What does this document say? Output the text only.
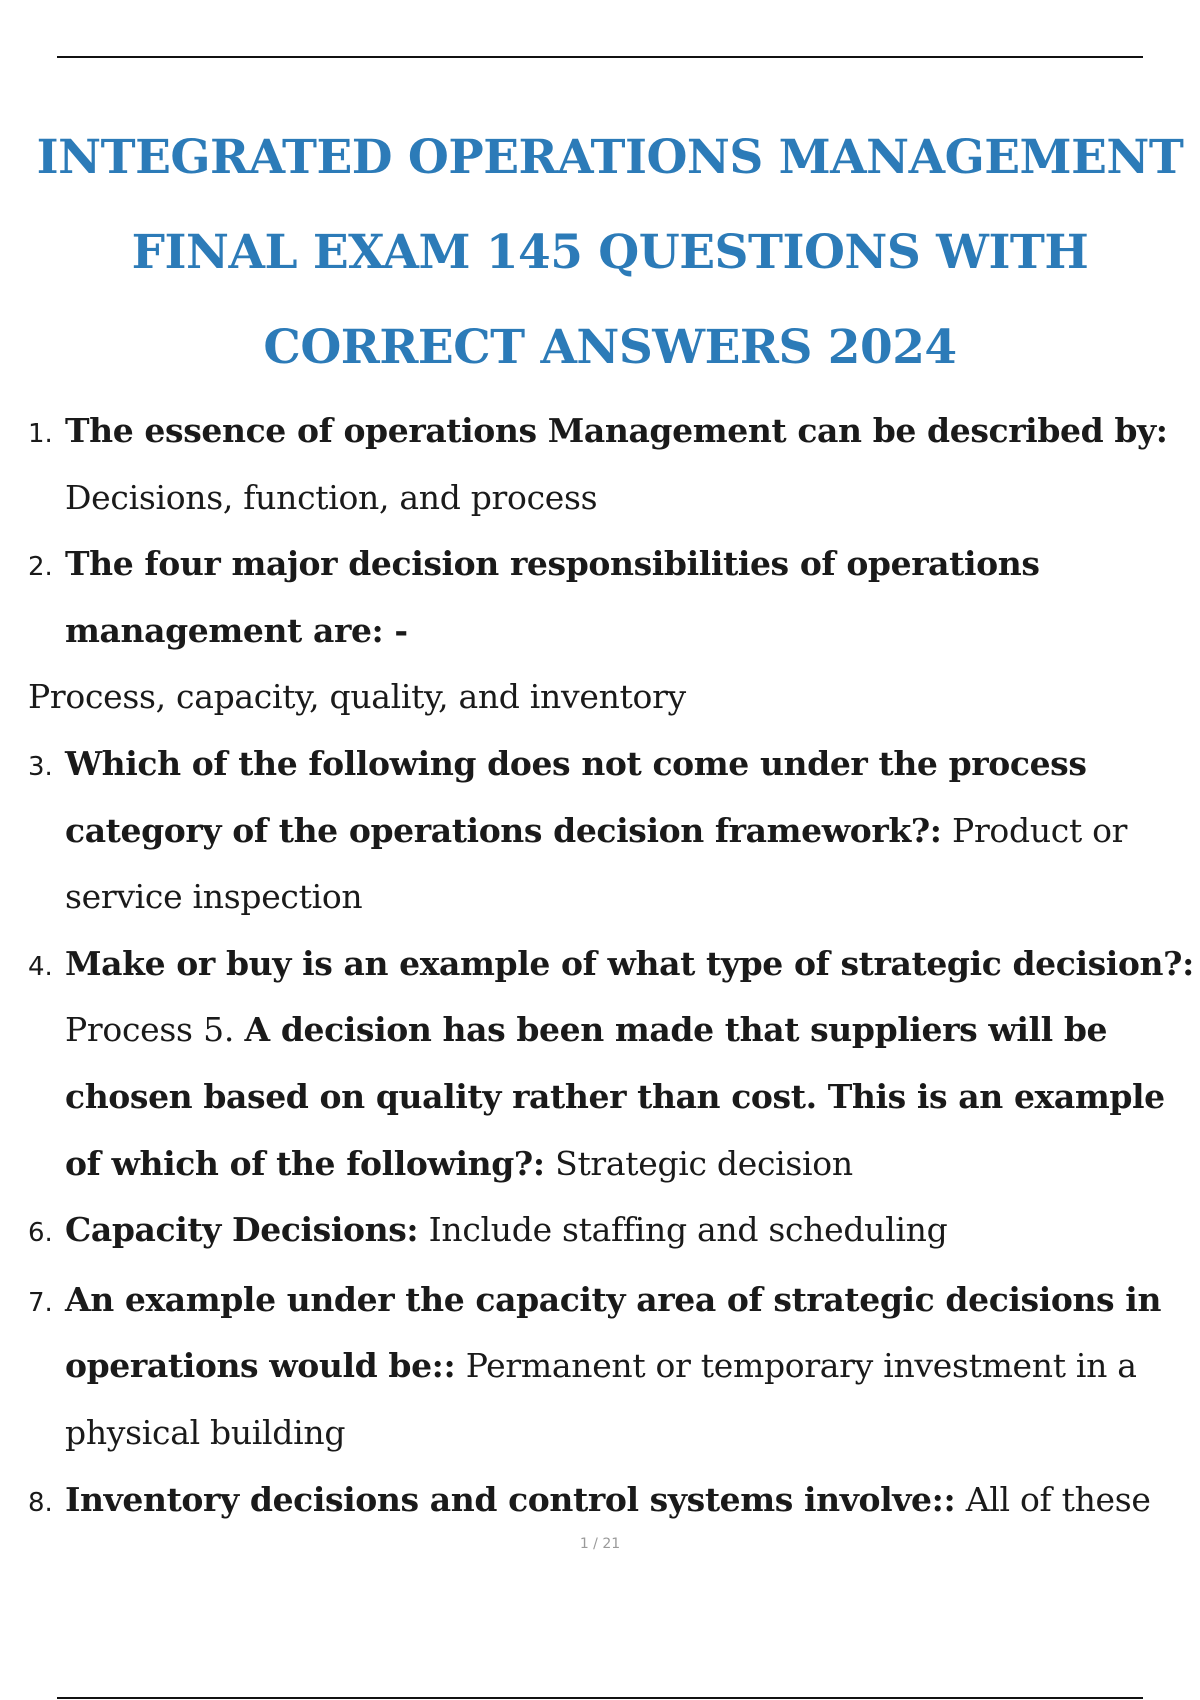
INTEGRATED OPERATIONS MANAGEMENT
FINAL EXAM 145 QUESTIONS WITH
CORRECT ANSWERS 2024
1. The essence of operations Management can be described by:
Decisions, function, and process
2. The four major decision responsibilities of operations management are: -
Process, capacity, quality, and inventory
3. Which of the following does not come under the process category of the operations decision framework?: Product or service inspection
4. Make or buy is an example of what type of strategic decision?:
Process 5. A decision has been made that suppliers will be chosen based on quality rather than cost. This is an example of which of the following?: Strategic decision
6. Capacity Decisions: Include staffing and scheduling
7. An example under the capacity area of strategic decisions in operations would be:: Permanent or temporary investment in a physical building
8. Inventory decisions and control systems involve:: All of these
1 / 21
